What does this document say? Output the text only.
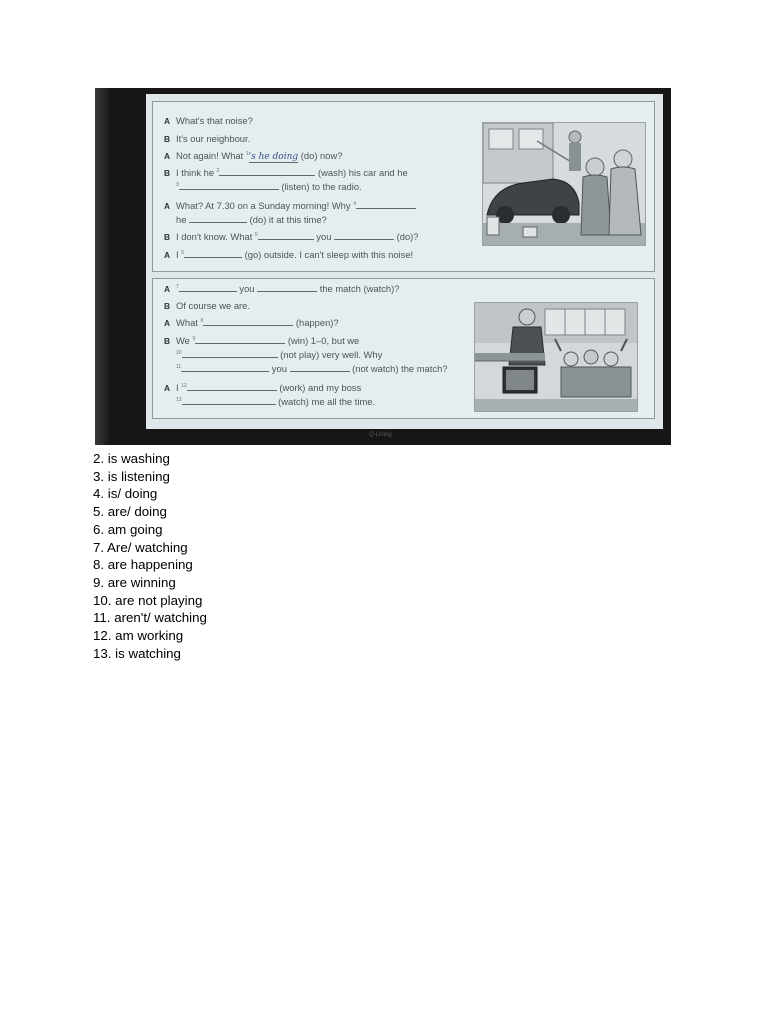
A What's that noise?
B It's our neighbour.
A Not again! What $^1$'s he doing (do) now?
B I think he $^2$	(wash) his car and he
$^3$	(listen) to the radio.
A What? At 7.30 on a Sunday morning! Why $^4$
he	(do) it at this time?
B I don't know. What $^5$	you	(do)?
A I $^6$	(go) outside. I can't sleep with this noise!
A $^7$	you	the match (watch)?
B Of course we are.
A What $^8$	(happen)?
B We $^9$	(win) 1–0, but we
$^{10}$	(not play) very well. Why
$^{11}$	you	(not watch) the match?
A I $^{12}$	(work) and my boss
$^{13}$	(watch) me all the time.
Q-Lining
2. is washing
3. is listening
4. is/ doing
5. are/ doing
6. am going
7. Are/ watching
8. are happening
9. are winning
10. are not playing
11. aren't/ watching
12. am working
13. is watching
